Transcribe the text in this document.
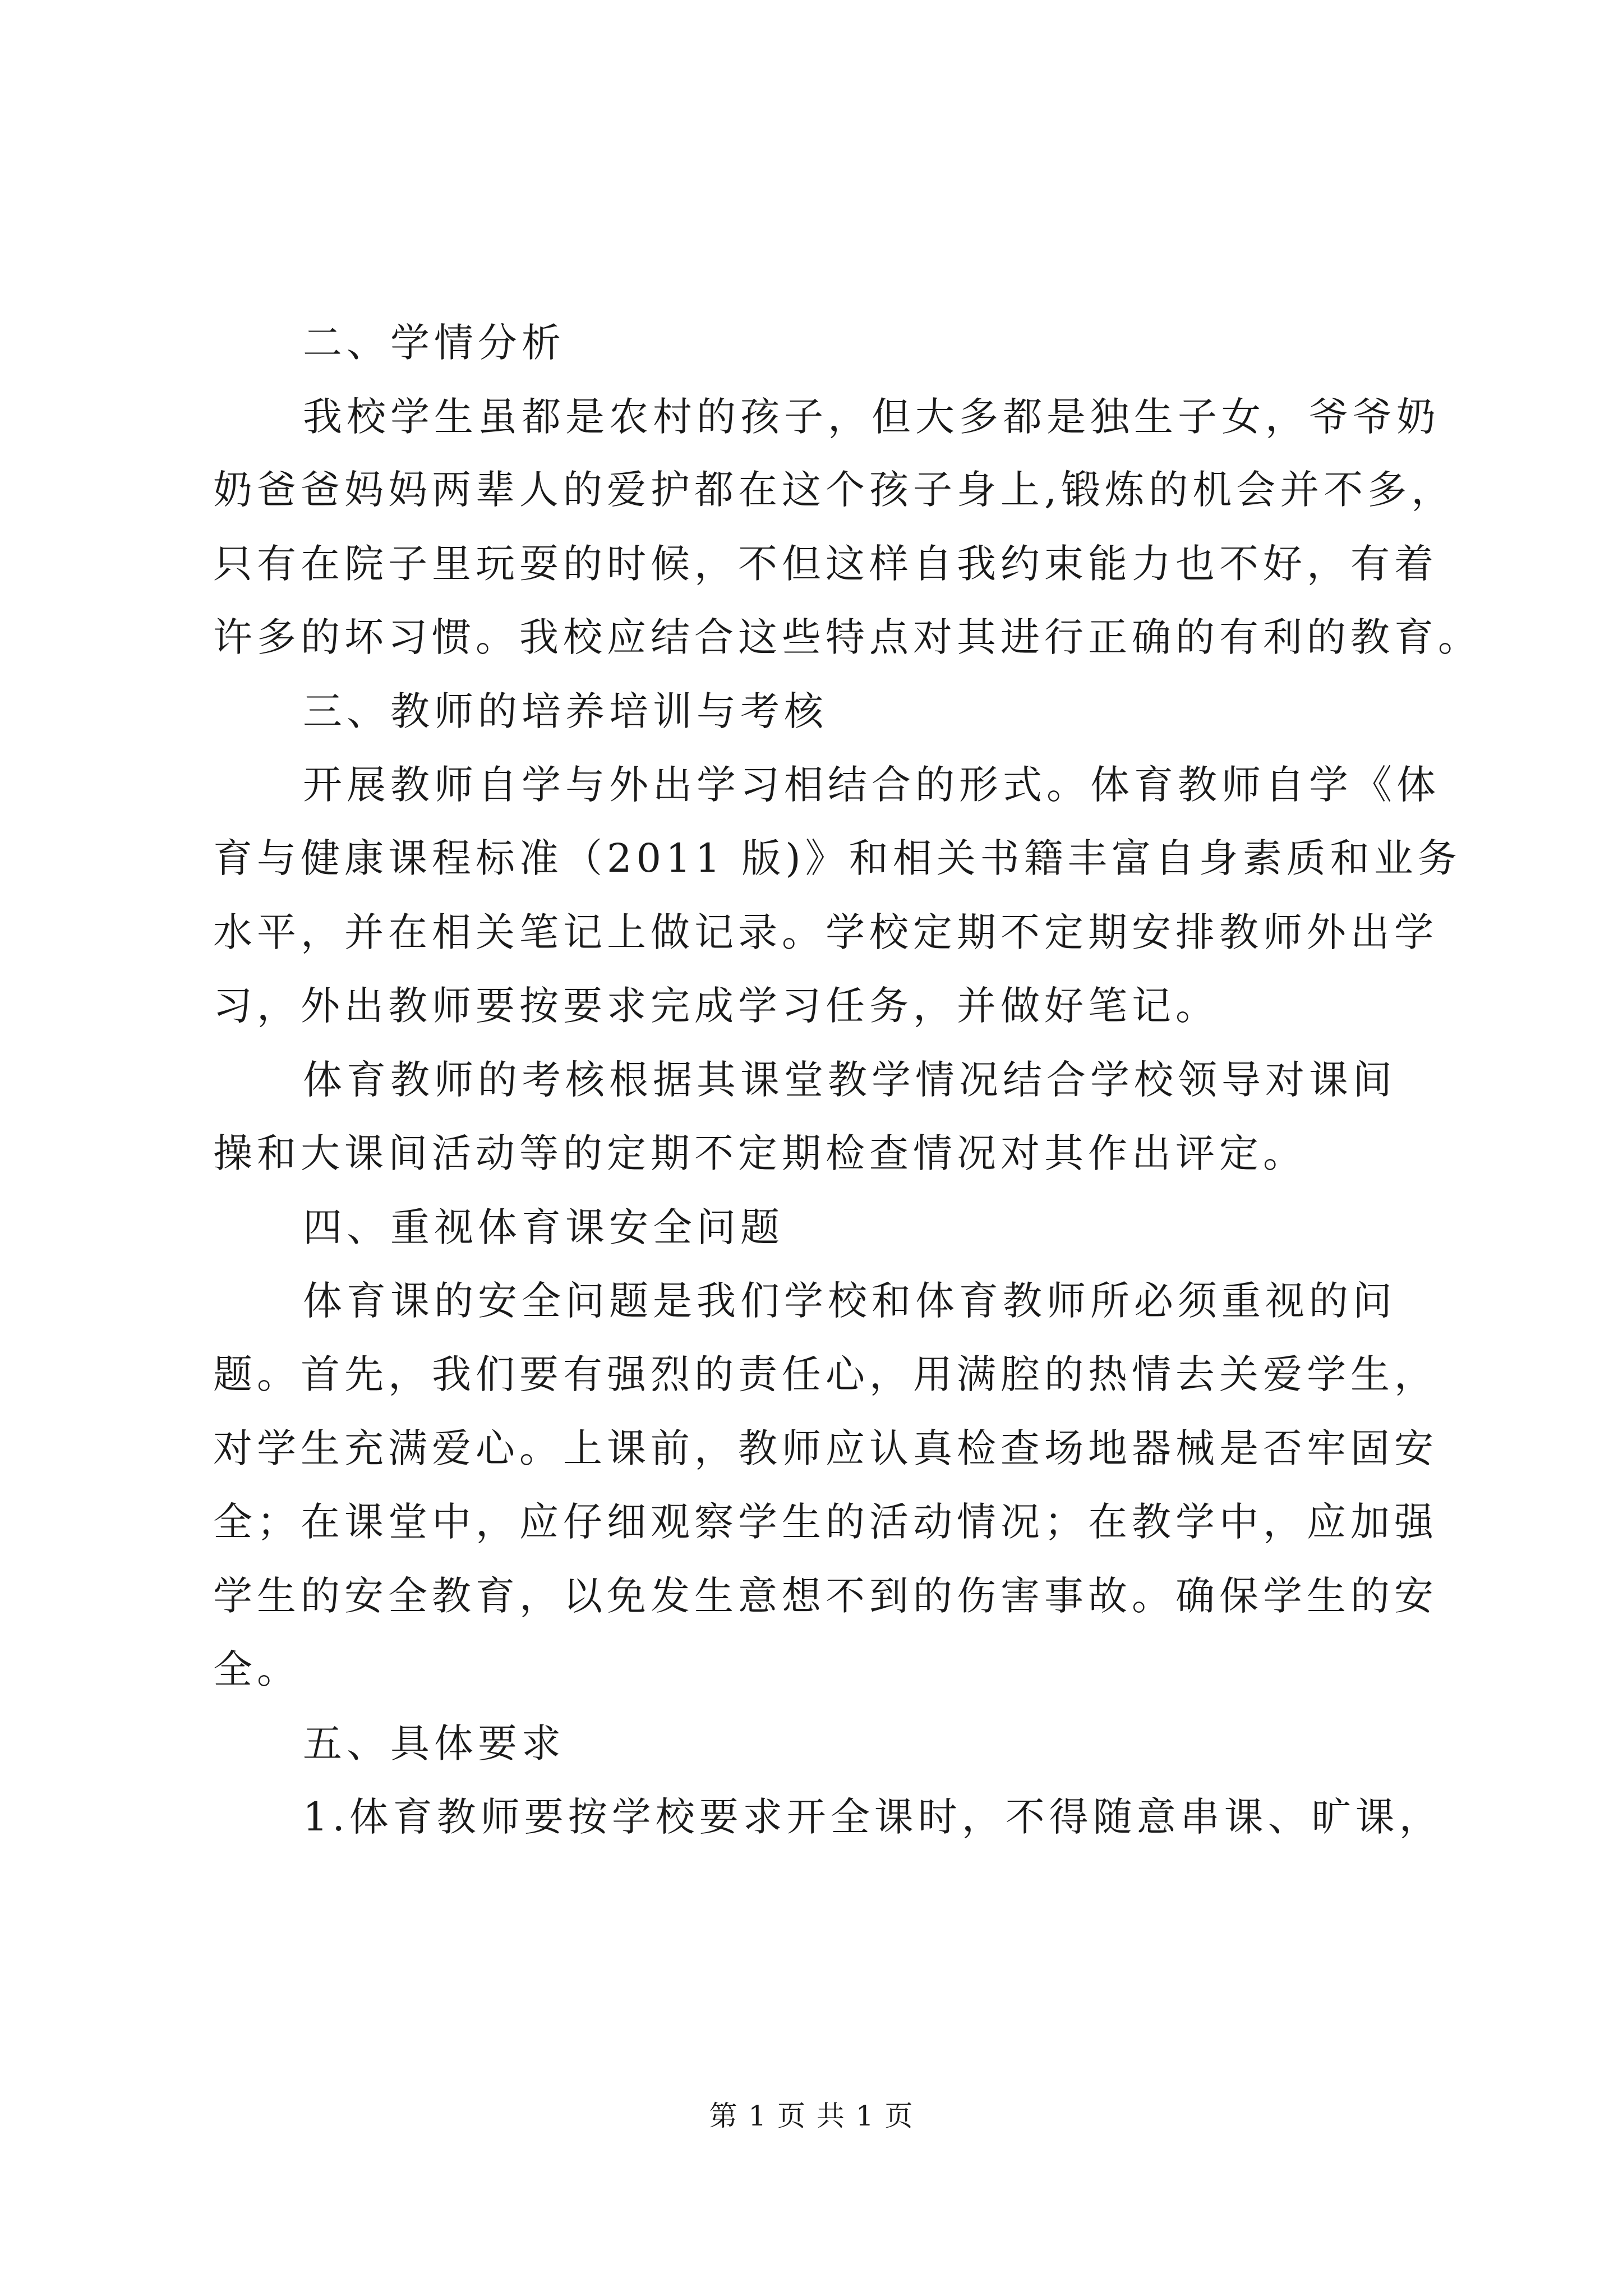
二、学情分析
我校学生虽都是农村的孩子，但大多都是独生子女，爷爷奶
奶爸爸妈妈两辈人的爱护都在这个孩子身上,锻炼的机会并不多，
只有在院子里玩耍的时候，不但这样自我约束能力也不好，有着
许多的坏习惯。我校应结合这些特点对其进行正确的有利的教育。
三、教师的培养培训与考核
开展教师自学与外出学习相结合的形式。体育教师自学《体
育与健康课程标准（2011 版)》和相关书籍丰富自身素质和业务
水平，并在相关笔记上做记录。学校定期不定期安排教师外出学
习，外出教师要按要求完成学习任务，并做好笔记。
体育教师的考核根据其课堂教学情况结合学校领导对课间
操和大课间活动等的定期不定期检查情况对其作出评定。
四、重视体育课安全问题
体育课的安全问题是我们学校和体育教师所必须重视的问
题。首先，我们要有强烈的责任心，用满腔的热情去关爱学生，
对学生充满爱心。上课前，教师应认真检查场地器械是否牢固安
全；在课堂中，应仔细观察学生的活动情况；在教学中，应加强
学生的安全教育，以免发生意想不到的伤害事故。确保学生的安
全。
五、具体要求
1.体育教师要按学校要求开全课时，不得随意串课、旷课，
第 1 页 共 1 页
